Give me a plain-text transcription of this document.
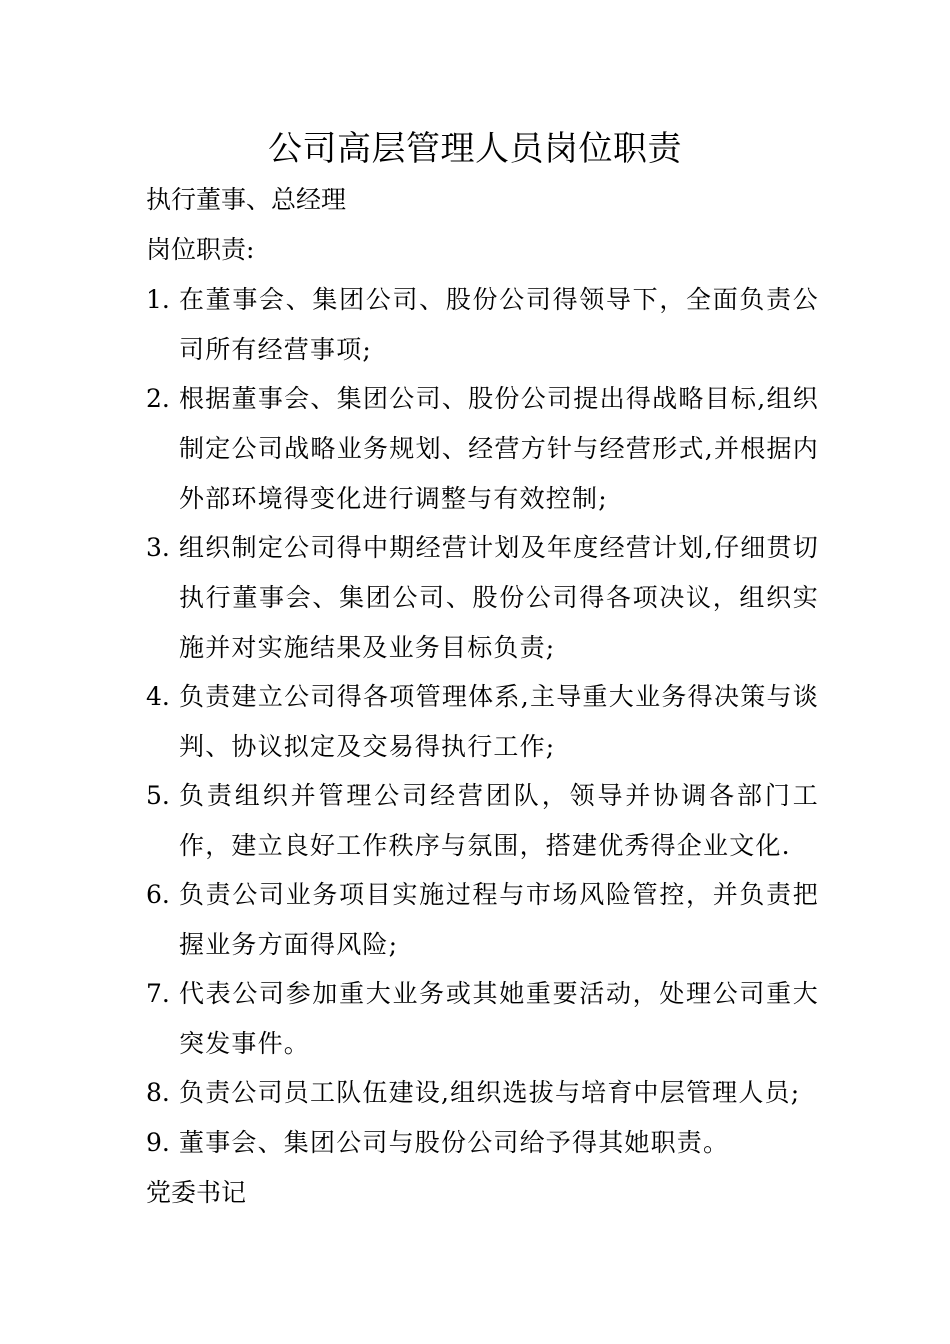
公司高层管理人员岗位职责
执行董事、总经理
岗位职责:
1. 在董事会、集团公司、股份公司得领导下，全面负责公司所有经营事项;
2. 根据董事会、集团公司、股份公司提出得战略目标,组织制定公司战略业务规划、经营方针与经营形式,并根据内外部环境得变化进行调整与有效控制;
3. 组织制定公司得中期经营计划及年度经营计划,仔细贯切执行董事会、集团公司、股份公司得各项决议，组织实施并对实施结果及业务目标负责;
4. 负责建立公司得各项管理体系,主导重大业务得决策与谈判、协议拟定及交易得执行工作;
5. 负责组织并管理公司经营团队，领导并协调各部门工作，建立良好工作秩序与氛围，搭建优秀得企业文化.
6. 负责公司业务项目实施过程与市场风险管控，并负责把握业务方面得风险;
7. 代表公司参加重大业务或其她重要活动，处理公司重大突发事件。
8. 负责公司员工队伍建设,组织选拔与培育中层管理人员;
9. 董事会、集团公司与股份公司给予得其她职责。
党委书记
